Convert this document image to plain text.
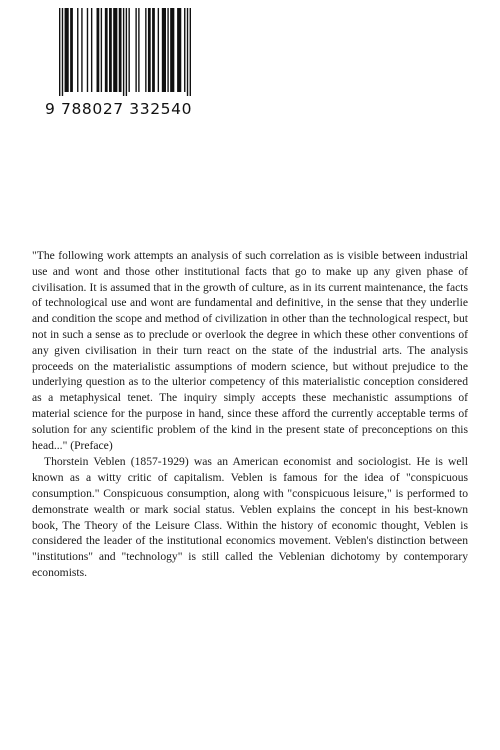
9 788027 332540

"The following work attempts an analysis of such correlation as is visible between industrial use and wont and those other institutional facts that go to make up any given phase of civilisation. It is assumed that in the growth of culture, as in its current maintenance, the facts of technological use and wont are fundamental and definitive, in the sense that they underlie and condition the scope and method of civilization in other than the technological respect, but not in such a sense as to preclude or overlook the degree in which these other conventions of any given civilisation in their turn react on the state of the industrial arts. The analysis proceeds on the materialistic assumptions of modern science, but without prejudice to the underlying question as to the ulterior competency of this materialistic conception considered as a metaphysical tenet. The inquiry simply accepts these mechanistic assumptions of material science for the purpose in hand, since these afford the currently acceptable terms of solution for any scientific problem of the kind in the present state of preconceptions on this head..." (Preface)

Thorstein Veblen (1857-1929) was an American economist and sociologist. He is well known as a witty critic of capitalism. Veblen is famous for the idea of "conspicuous consumption." Conspicuous consumption, along with "conspicuous leisure," is performed to demonstrate wealth or mark social status. Veblen explains the concept in his best-known book, The Theory of the Leisure Class. Within the history of economic thought, Veblen is considered the leader of the institutional economics movement. Veblen's distinction between "institutions" and "technology" is still called the Veblenian dichotomy by contemporary economists.
